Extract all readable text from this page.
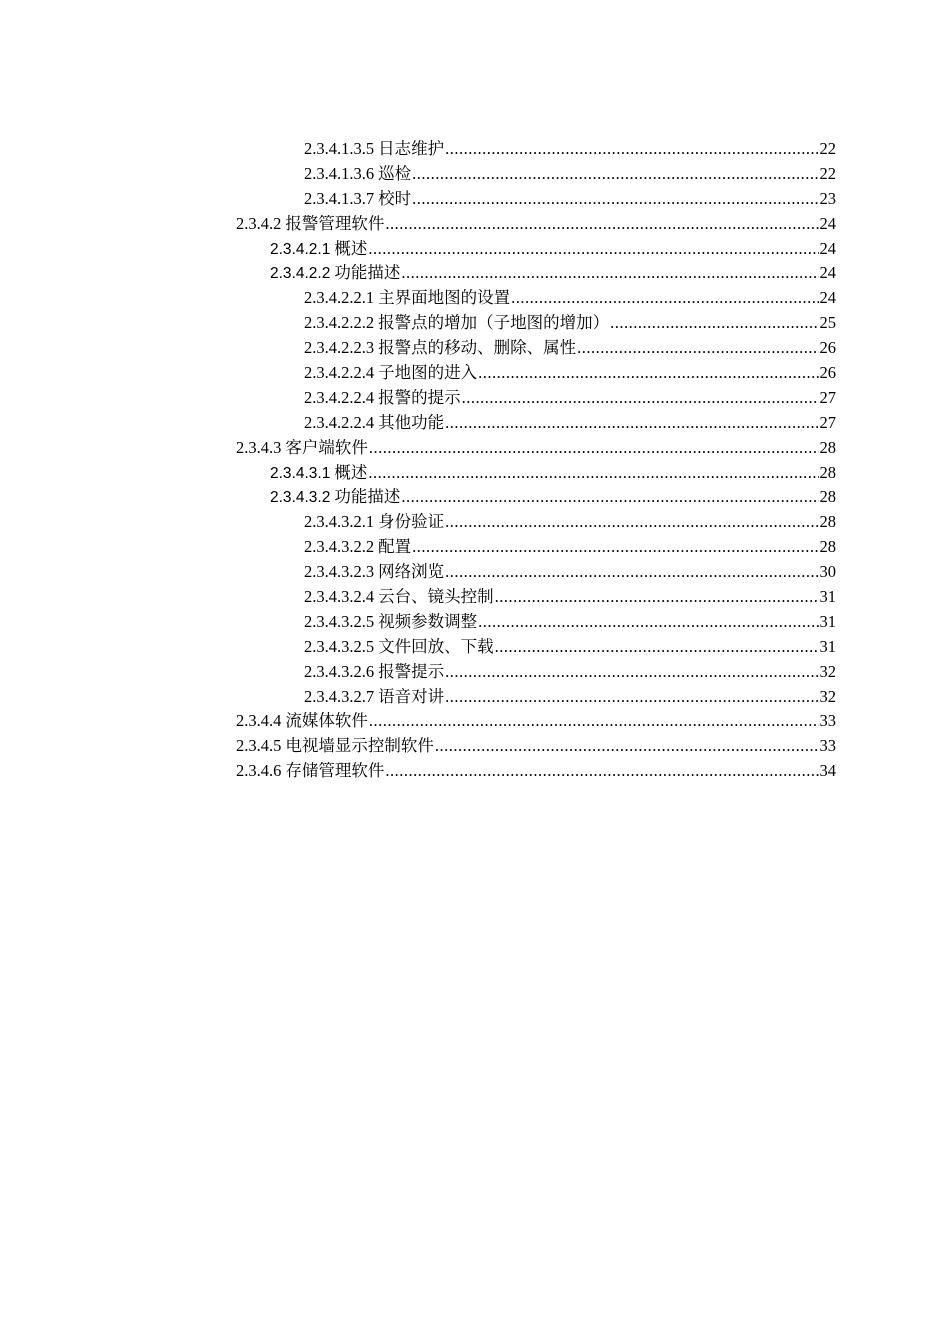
2.3.4.1.3.5 日志维护 .....	22
2.3.4.1.3.6 巡检 .....	22
2.3.4.1.3.7 校时 .....	23
2.3.4.2 报警管理软件 .....	24
2.3.4.2.1 概述 .....	24
2.3.4.2.2 功能描述 .....	24
2.3.4.2.2.1 主界面地图的设置 .....	24
2.3.4.2.2.2 报警点的增加（子地图的增加） .....	25
2.3.4.2.2.3 报警点的移动、删除、属性 .....	26
2.3.4.2.2.4 子地图的进入 .....	26
2.3.4.2.2.4 报警的提示 .....	27
2.3.4.2.2.4 其他功能 .....	27
2.3.4.3 客户端软件 .....	28
2.3.4.3.1 概述 .....	28
2.3.4.3.2 功能描述 .....	28
2.3.4.3.2.1 身份验证 .....	28
2.3.4.3.2.2 配置 .....	28
2.3.4.3.2.3 网络浏览 .....	30
2.3.4.3.2.4 云台、镜头控制 .....	31
2.3.4.3.2.5 视频参数调整 .....	31
2.3.4.3.2.5 文件回放、下载 .....	31
2.3.4.3.2.6 报警提示 .....	32
2.3.4.3.2.7 语音对讲 .....	32
2.3.4.4 流媒体软件 .....	33
2.3.4.5 电视墙显示控制软件 .....	33
2.3.4.6 存储管理软件 .....	34
